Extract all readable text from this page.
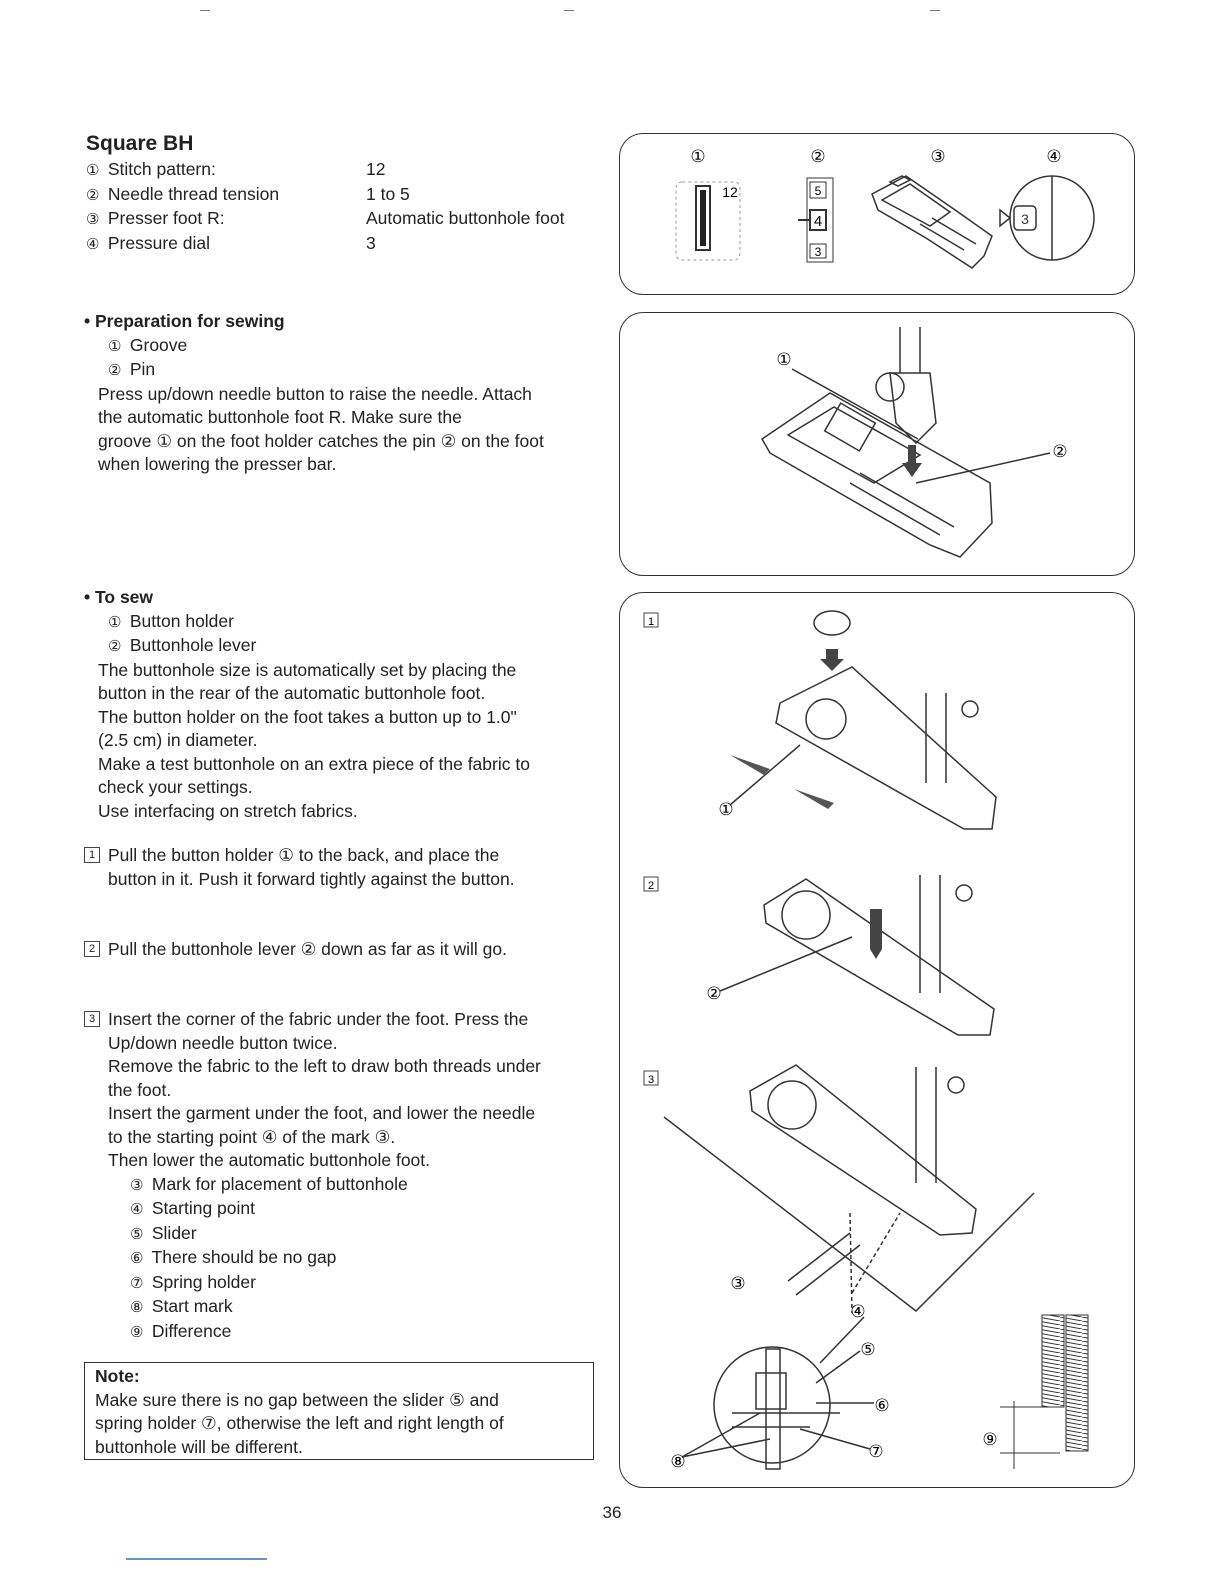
Square BH
① Stitch pattern:	12
② Needle thread tension	1 to 5
③ Presser foot R:	Automatic buttonhole foot
④ Pressure dial	3
• Preparation for sewing
① Groove
② Pin
Press up/down needle button to raise the needle. Attach
the automatic buttonhole foot R. Make sure the
groove ① on the foot holder catches the pin ② on the foot
when lowering the presser bar.
• To sew
① Button holder
② Buttonhole lever
The buttonhole size is automatically set by placing the
button in the rear of the automatic buttonhole foot.
The button holder on the foot takes a button up to 1.0"
(2.5 cm) in diameter.
Make a test buttonhole on an extra piece of the fabric to
check your settings.
Use interfacing on stretch fabrics.
1 Pull the button holder ① to the back, and place the
button in it. Push it forward tightly against the button.
2 Pull the buttonhole lever ② down as far as it will go.
3 Insert the corner of the fabric under the foot. Press the
Up/down needle button twice.
Remove the fabric to the left to draw both threads under
the foot.
Insert the garment under the foot, and lower the needle
to the starting point ④ of the mark ③.
Then lower the automatic buttonhole foot.
③ Mark for placement of buttonhole
④ Starting point
⑤ Slider
⑥ There should be no gap
⑦ Spring holder
⑧ Start mark
⑨ Difference
Note:
Make sure there is no gap between the slider ⑤ and
spring holder ⑦, otherwise the left and right length of
buttonhole will be different.
①	②	③	④
12	5
4
3
3
①
②
1
2
3
①
②
③
④
⑤
⑥
⑦
⑧
⑨
36
